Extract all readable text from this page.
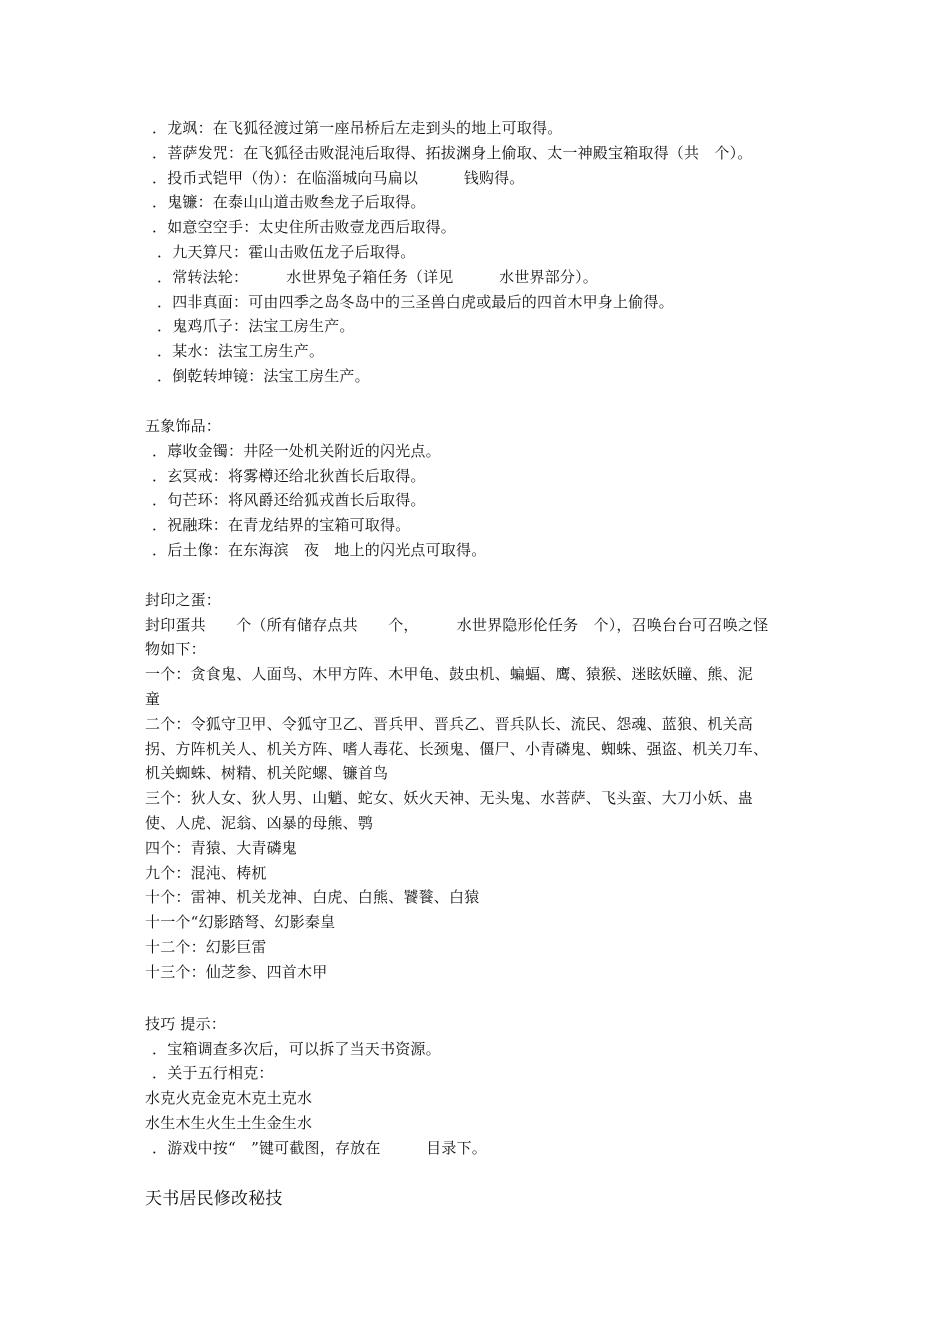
．龙飒：在飞狐径渡过第一座吊桥后左走到头的地上可取得。
．菩萨发咒：在飞狐径击败混沌后取得、拓拔渊身上偷取、太一神殿宝箱取得（共　个）。
．投币式铠甲（伪）：在临淄城向马扁以　　　钱购得。
．鬼镰：在泰山山道击败叁龙子后取得。
．如意空空手：太史住所击败壹龙西后取得。
．九天算尺：霍山击败伍龙子后取得。
．常转法轮：　　　水世界兔子箱任务（详见　　　水世界部分）。
．四非真面：可由四季之岛冬岛中的三圣兽白虎或最后的四首木甲身上偷得。
．鬼鸡爪子：法宝工房生产。
．某水：法宝工房生产。
．倒乾转坤镜：法宝工房生产。
五象饰品：
．蓐收金镯：井陉一处机关附近的闪光点。
．玄冥戒：将雾樽还给北狄酋长后取得。
．句芒环：将风爵还给狐戎酋长后取得。
．祝融珠：在青龙结界的宝箱可取得。
．后土像：在东海滨　夜　地上的闪光点可取得。
封印之蛋：
封印蛋共　　个（所有储存点共　　个，　　　水世界隐形伦任务　个），召唤台台可召唤之怪
物如下：
一个：贪食鬼、人面鸟、木甲方阵、木甲龟、鼓虫机、蝙蝠、鹰、猿猴、迷眩妖瞳、熊、泥
童
二个：令狐守卫甲、令狐守卫乙、晋兵甲、晋兵乙、晋兵队长、流民、怨魂、蓝狼、机关高
拐、方阵机关人、机关方阵、嗜人毒花、长颈鬼、僵尸、小青磷鬼、蜘蛛、强盗、机关刀车、
机关蜘蛛、树精、机关陀螺、镰首鸟
三个：狄人女、狄人男、山魈、蛇女、妖火天神、无头鬼、水菩萨、飞头蛮、大刀小妖、蛊
使、人虎、泥翁、凶暴的母熊、鹗
四个：青猿、大青磷鬼
九个：混沌、梼杌
十个：雷神、机关龙神、白虎、白熊、饕餮、白猿
十一个“幻影踏弩、幻影秦皇
十二个：幻影巨雷
十三个：仙芝参、四首木甲
技巧 提示：
．宝箱调查多次后，可以拆了当天书资源。
．关于五行相克：
水克火克金克木克土克水
水生木生火生土生金生水
．游戏中按“　”键可截图，存放在　　　目录下。
天书居民修改秘技
